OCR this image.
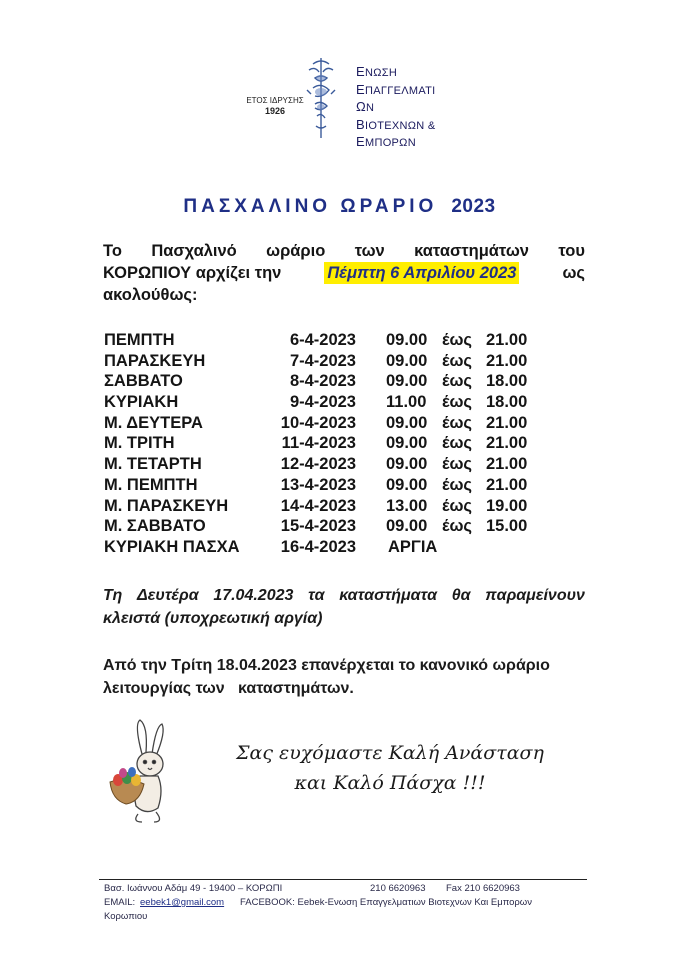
ΕΤΟΣ ΙΔΡΥΣΗΣ
1926
ΕΝΩΣΗ
ΕΠΑΓΓΕΛΜΑΤΙ
ΩΝ
ΒΙΟΤΕΧΝΩΝ &
ΕΜΠΟΡΩΝ
ΠΑΣΧΑΛΙΝΟ ΩΡΑΡΙΟ 2023
Το Πασχαλινό ωράριο των καταστημάτων του
ΚΟΡΩΠΙΟΥ αρχίζει την	Πέμπτη 6 Απριλίου 2023	ως
ακολούθως:
ΠΕΜΠΤΗ	6-4-2023 09.00 έως 21.00
ΠΑΡΑΣΚΕΥΗ	7-4-2023 09.00 έως 21.00
ΣΑΒΒΑΤΟ	8-4-2023 09.00 έως 18.00
ΚΥΡΙΑΚΗ	9-4-2023 11.00 έως 18.00
Μ. ΔΕΥΤΕΡΑ	10-4-2023 09.00 έως 21.00
Μ. ΤΡΙΤΗ	11-4-2023 09.00 έως 21.00
Μ. ΤΕΤΑΡΤΗ	12-4-2023 09.00 έως 21.00
Μ. ΠΕΜΠΤΗ	13-4-2023 09.00 έως 21.00
Μ. ΠΑΡΑΣΚΕΥΗ	14-4-2023 13.00 έως 19.00
Μ. ΣΑΒΒΑΤΟ	15-4-2023 09.00 έως 15.00
ΚΥΡΙΑΚΗ ΠΑΣΧΑ	16-4-2023 ΑΡΓΙΑ
Τη Δευτέρα 17.04.2023 τα καταστήματα θα παραμείνουν
κλειστά (υποχρεωτική αργία)
Από την Τρίτη 18.04.2023 επανέρχεται το κανονικό ωράριο
λειτουργίας των   καταστημάτων.
Σας ευχόμαστε Καλή Ανάσταση
και Καλό Πάσχα !!!
Βασ. Ιωάννου Αδάμ 49 - 19400 – ΚΟΡΩΠΙ	210 6620963 Fax 210 6620963
EMAIL: eebek1@gmail.com FACEBOOK: Eebek-Ενωση Επαγγελματιων Βιοτεχνων Και Εμπορων
Κορωπιου
